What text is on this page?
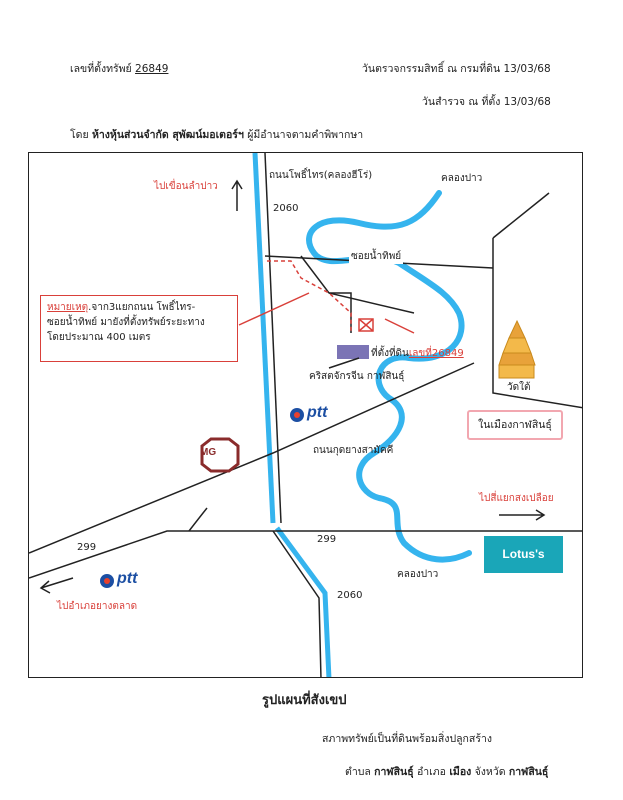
เลขที่ตั้งทรัพย์ 26849	วันตรวจกรรมสิทธิ์ ณ กรมที่ดิน 13/03/68
วันสำรวจ ณ ที่ตั้ง 13/03/68
โดย ห้างหุ้นส่วนจำกัด สุพัฒน์มอเตอร์ฯ ผู้มีอำนาจตามคำพิพากษา
ไปเขื่อนลำปาว
ถนนโพธิ์ไทร(คลองฮีโร่)
2060
คลองปาว
ซอยน้ำทิพย์
หมายเหตุ.จาก3แยกถนน โพธิ์ไทร-
ซอยน้ำทิพย์ มายังที่ตั้งทรัพย์ระยะทาง
โดยประมาณ 400 เมตร
ที่ตั้งที่ดินเลขที่26849
คริสตจักรจีน กาฬสินธุ์
วัดใต้
ptt
ถนนกุดยางสามัคคี
ในเมืองกาฬสินธุ์
MG
ไปสี่แยกสงเปลือย
299
299
Lotus's
คลองปาว
2060
ptt
ไปอำเภอยางตลาด
รูปแผนที่สังเขป
สภาพทรัพย์เป็นที่ดินพร้อมสิ่งปลูกสร้าง
ตำบล กาฬสินธุ์ อำเภอ เมือง จังหวัด กาฬสินธุ์
